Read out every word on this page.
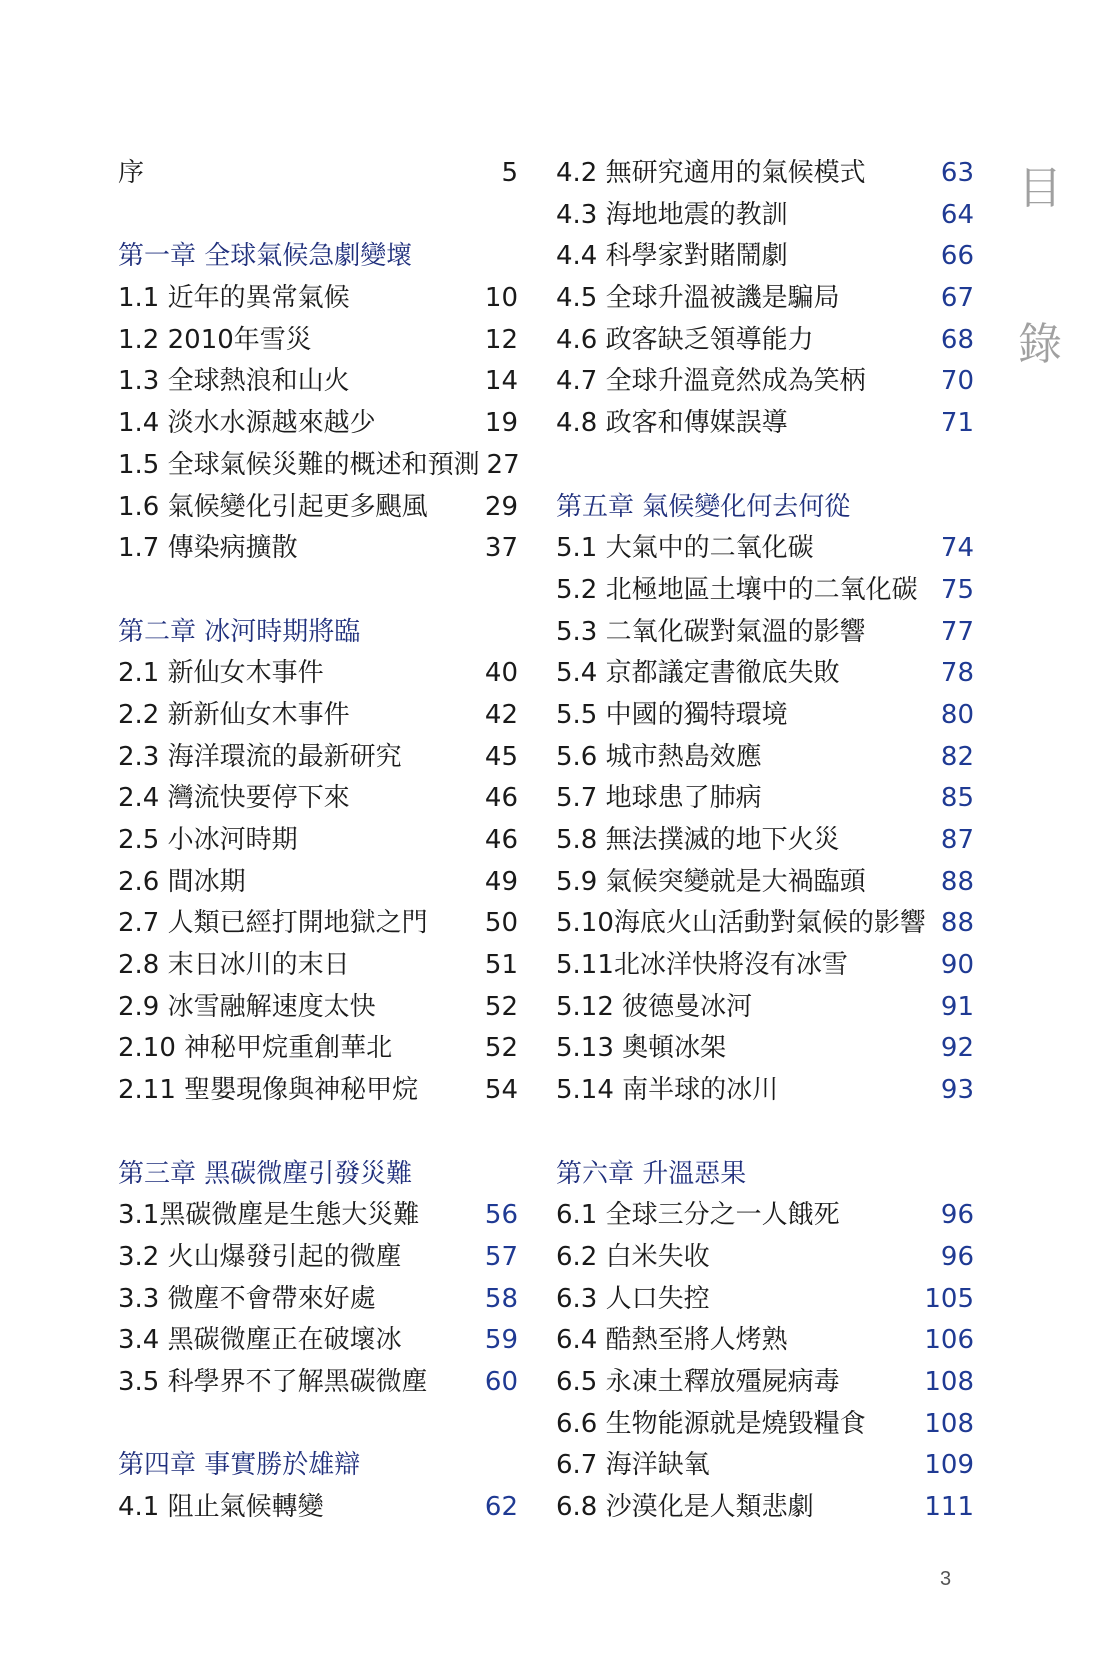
序	5
第一章 全球氣候急劇變壞
1.1 近年的異常氣候	10
1.2 2010年雪災	12
1.3 全球熱浪和山火	14
1.4 淡水水源越來越少	19
1.5 全球氣候災難的概述和預測 27
1.6 氣候變化引起更多颶風 29
1.7 傳染病擴散	37
第二章 冰河時期將臨
2.1 新仙女木事件	40
2.2 新新仙女木事件	42
2.3 海洋環流的最新研究	45
2.4 灣流快要停下來	46
2.5 小冰河時期	46
2.6 間冰期	49
2.7 人類已經打開地獄之門 50
2.8 末日冰川的末日	51
2.9 冰雪融解速度太快	52
2.10 神秘甲烷重創華北	52
2.11 聖嬰現像與神秘甲烷	54
第三章 黑碳微塵引發災難
3.1黑碳微塵是生態大災難	56
3.2 火山爆發引起的微塵	57
3.3 微塵不會帶來好處	58
3.4 黑碳微塵正在破壞冰	59
3.5 科學界不了解黑碳微塵 60
第四章 事實勝於雄辯
4.1 阻止氣候轉變	62
4.2 無研究適用的氣候模式	63
4.3 海地地震的教訓	64
4.4 科學家對賭鬧劇	66
4.5 全球升溫被譏是騙局	67
4.6 政客缺乏領導能力	68
4.7 全球升溫竟然成為笑柄	70
4.8 政客和傳媒誤導	71
第五章 氣候變化何去何從
5.1 大氣中的二氧化碳	74
5.2 北極地區土壤中的二氧化碳 75
5.3 二氧化碳對氣溫的影響	77
5.4 京都議定書徹底失敗	78
5.5 中國的獨特環境	80
5.6 城市熱島效應	82
5.7 地球患了肺病	85
5.8 無法撲滅的地下火災	87
5.9 氣候突變就是大禍臨頭	88
5.10海底火山活動對氣候的影響 88
5.11北冰洋快將沒有冰雪	90
5.12 彼德曼冰河	91
5.13 奧頓冰架	92
5.14 南半球的冰川	93
第六章 升溫惡果
6.1 全球三分之一人餓死	96
6.2 白米失收	96
6.3 人口失控	105
6.4 酷熱至將人烤熟	106
6.5 永凍土釋放殭屍病毒	108
6.6 生物能源就是燒毀糧食 108
6.7 海洋缺氧	109
6.8 沙漠化是人類悲劇	111
目
錄
3
